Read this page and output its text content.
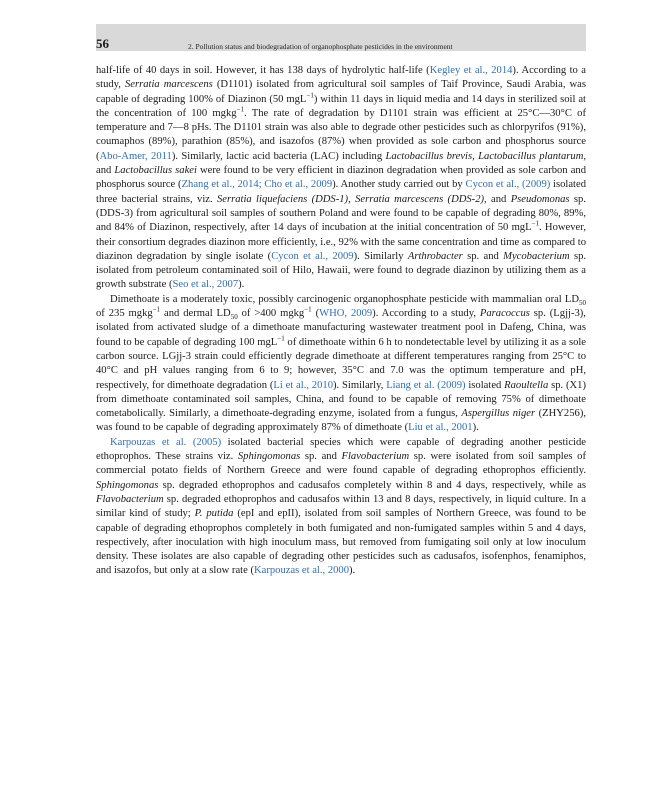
56	2. Pollution status and biodegradation of organophosphate pesticides in the environment

half-life of 40 days in soil. However, it has 138 days of hydrolytic half-life (Kegley et al., 2014). According to a study, Serratia marcescens (D1101) isolated from agricultural soil samples of Taif Province, Saudi Arabia, was capable of degrading 100% of Diazinon (50 mgL$^{-1}$) within 11 days in liquid media and 14 days in sterilized soil at the concentration of 100 mgkg$^{-1}$. The rate of degradation by D1101 strain was efficient at 25°C—30°C of temperature and 7—8 pHs. The D1101 strain was also able to degrade other pesticides such as chlorpyrifos (91%), coumaphos (89%), parathion (85%), and isazofos (87%) when provided as sole carbon and phosphorus source (Abo-Amer, 2011). Similarly, lactic acid bacteria (LAC) including Lactobacillus brevis, Lactobacillus plantarum, and Lactobacillus sakei were found to be very efficient in diazinon degradation when provided as sole carbon and phosphorus source (Zhang et al., 2014; Cho et al., 2009). Another study carried out by Cycon et al., (2009) isolated three bacterial strains, viz. Serratia liquefaciens (DDS-1), Serratia marcescens (DDS-2), and Pseudomonas sp. (DDS-3) from agricultural soil samples of southern Poland and were found to be capable of degrading 80%, 89%, and 84% of Diazinon, respectively, after 14 days of incubation at the initial concentration of 50 mgL$^{-1}$. However, their consortium degrades diazinon more efficiently, i.e., 92% with the same concentration and time as compared to diazinon degradation by single isolate (Cycon et al., 2009). Similarly Arthrobacter sp. and Mycobacterium sp. isolated from petroleum contaminated soil of Hilo, Hawaii, were found to degrade diazinon by utilizing them as a growth substrate (Seo et al., 2007).

Dimethoate is a moderately toxic, possibly carcinogenic organophosphate pesticide with mammalian oral $LD_{50}$ of 235 mgkg$^{-1}$ and dermal $LD_{50}$ of >400 mgkg$^{-1}$ (WHO, 2009). According to a study, Paracoccus sp. (Lgjj-3), isolated from activated sludge of a dimethoate manufacturing wastewater treatment pool in Dafeng, China, was found to be capable of degrading 100 mgL$^{-1}$ of dimethoate within 6 h to nondetectable level by utilizing it as a sole carbon source. LGjj-3 strain could efficiently degrade dimethoate at different temperatures ranging from 25°C to 40°C and pH values ranging from 6 to 9; however, 35°C and 7.0 was the optimum temperature and pH, respectively, for dimethoate degradation (Li et al., 2010). Similarly, Liang et al. (2009) isolated Raoultella sp. (X1) from dimethoate contaminated soil samples, China, and found to be capable of removing 75% of dimethoate cometabolically. Similarly, a dimethoate-degrading enzyme, isolated from a fungus, Aspergillus niger (ZHY256), was found to be capable of degrading approximately 87% of dimethoate (Liu et al., 2001).

Karpouzas et al. (2005) isolated bacterial species which were capable of degrading another pesticide ethoprophos. These strains viz. Sphingomonas sp. and Flavobacterium sp. were isolated from soil samples of commercial potato fields of Northern Greece and were found capable of degrading ethoprophos efficiently. Sphingomonas sp. degraded ethoprophos and cadusafos completely within 8 and 4 days, respectively, while as Flavobacterium sp. degraded ethoprophos and cadusafos within 13 and 8 days, respectively, in liquid culture. In a similar kind of study; P. putida (epI and epII), isolated from soil samples of Northern Greece, was found to be capable of degrading ethoprophos completely in both fumigated and non-fumigated samples within 5 and 4 days, respectively, after inoculation with high inoculum mass, but removed from fumigating soil only at low inoculum density. These isolates are also capable of degrading other pesticides such as cadusafos, isofenphos, fenamiphos, and isazofos, but only at a slow rate (Karpouzas et al., 2000).
